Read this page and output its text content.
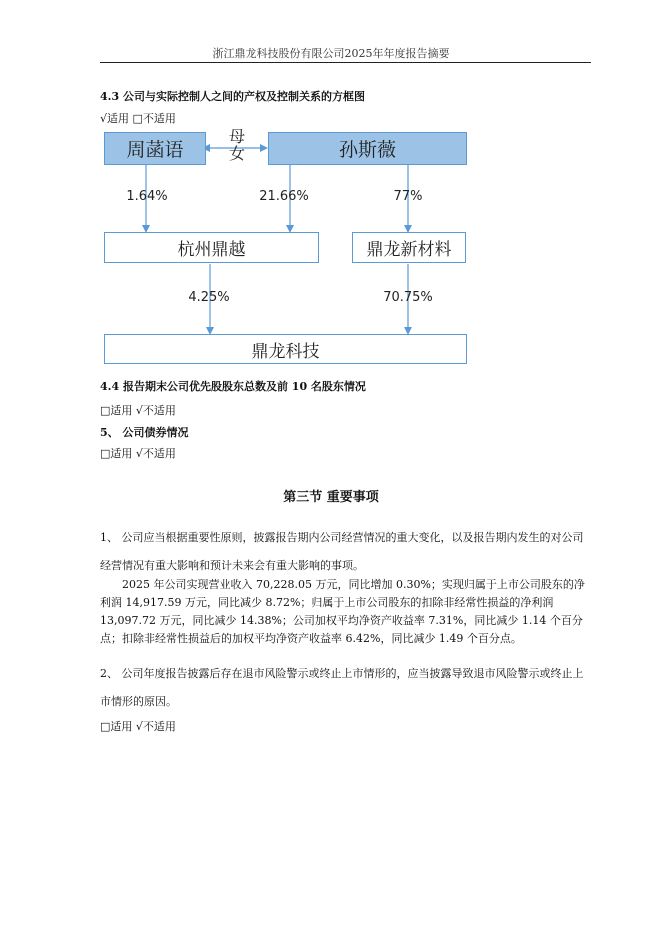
浙江鼎龙科技股份有限公司2025年年度报告摘要
4.3 公司与实际控制人之间的产权及控制关系的方框图
√适用 □不适用
周菡语	孙斯薇
母女
1.64%	21.66%	77%
杭州鼎越	鼎龙新材料
4.25%	70.75%
鼎龙科技
4.4 报告期末公司优先股股东总数及前 10 名股东情况
□适用 √不适用
5、 公司债券情况
□适用 √不适用
第三节 重要事项
1、 公司应当根据重要性原则，披露报告期内公司经营情况的重大变化，以及报告期内发生的对公司经营情况有重大影响和预计未来会有重大影响的事项。
2025 年公司实现营业收入 70,228.05 万元，同比增加 0.30%；实现归属于上市公司股东的净利润 14,917.59 万元，同比减少 8.72%；归属于上市公司股东的扣除非经常性损益的净利润 13,097.72 万元，同比减少 14.38%；公司加权平均净资产收益率 7.31%，同比减少 1.14 个百分点；扣除非经常性损益后的加权平均净资产收益率 6.42%，同比减少 1.49 个百分点。
2、 公司年度报告披露后存在退市风险警示或终止上市情形的，应当披露导致退市风险警示或终止上市情形的原因。
□适用 √不适用
